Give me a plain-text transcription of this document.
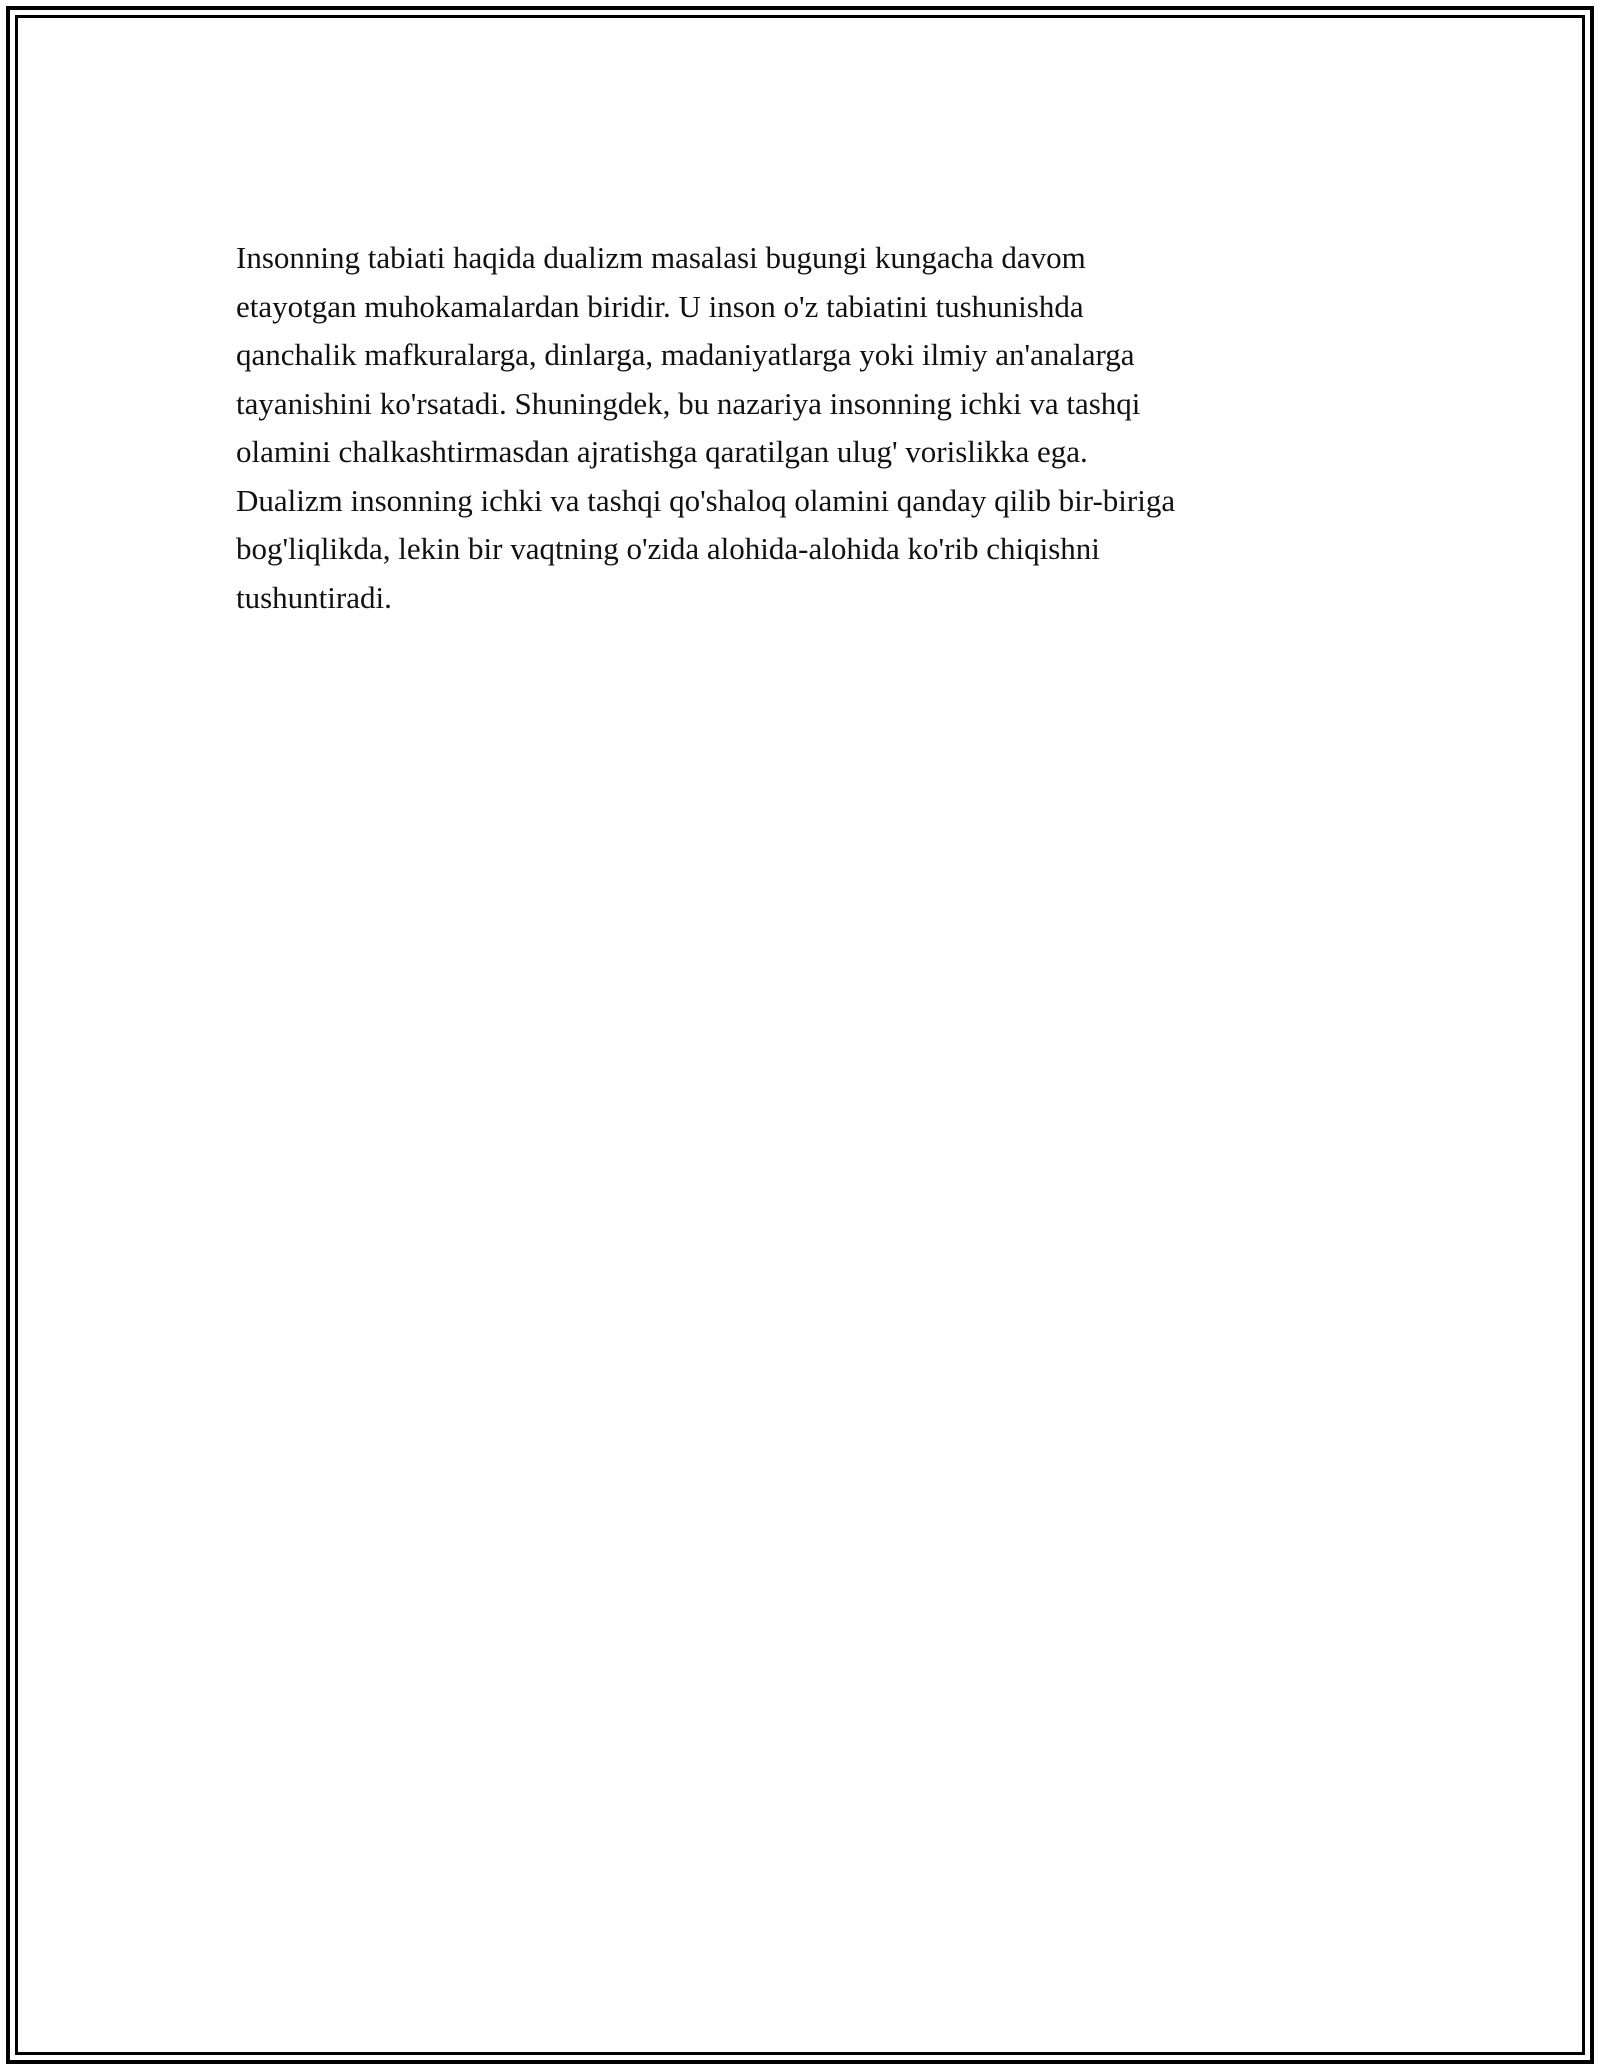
Insonning tabiati haqida dualizm masalasi bugungi kungacha davom
etayotgan muhokamalardan biridir. U inson o'z tabiatini tushunishda
qanchalik mafkuralarga, dinlarga, madaniyatlarga yoki ilmiy an'analarga
tayanishini ko'rsatadi. Shuningdek, bu nazariya insonning ichki va tashqi
olamini chalkashtirmasdan ajratishga qaratilgan ulug' vorislikka ega.
Dualizm insonning ichki va tashqi qo'shaloq olamini qanday qilib bir-biriga
bog'liqlikda, lekin bir vaqtning o'zida alohida-alohida ko'rib chiqishni
tushuntiradi.
